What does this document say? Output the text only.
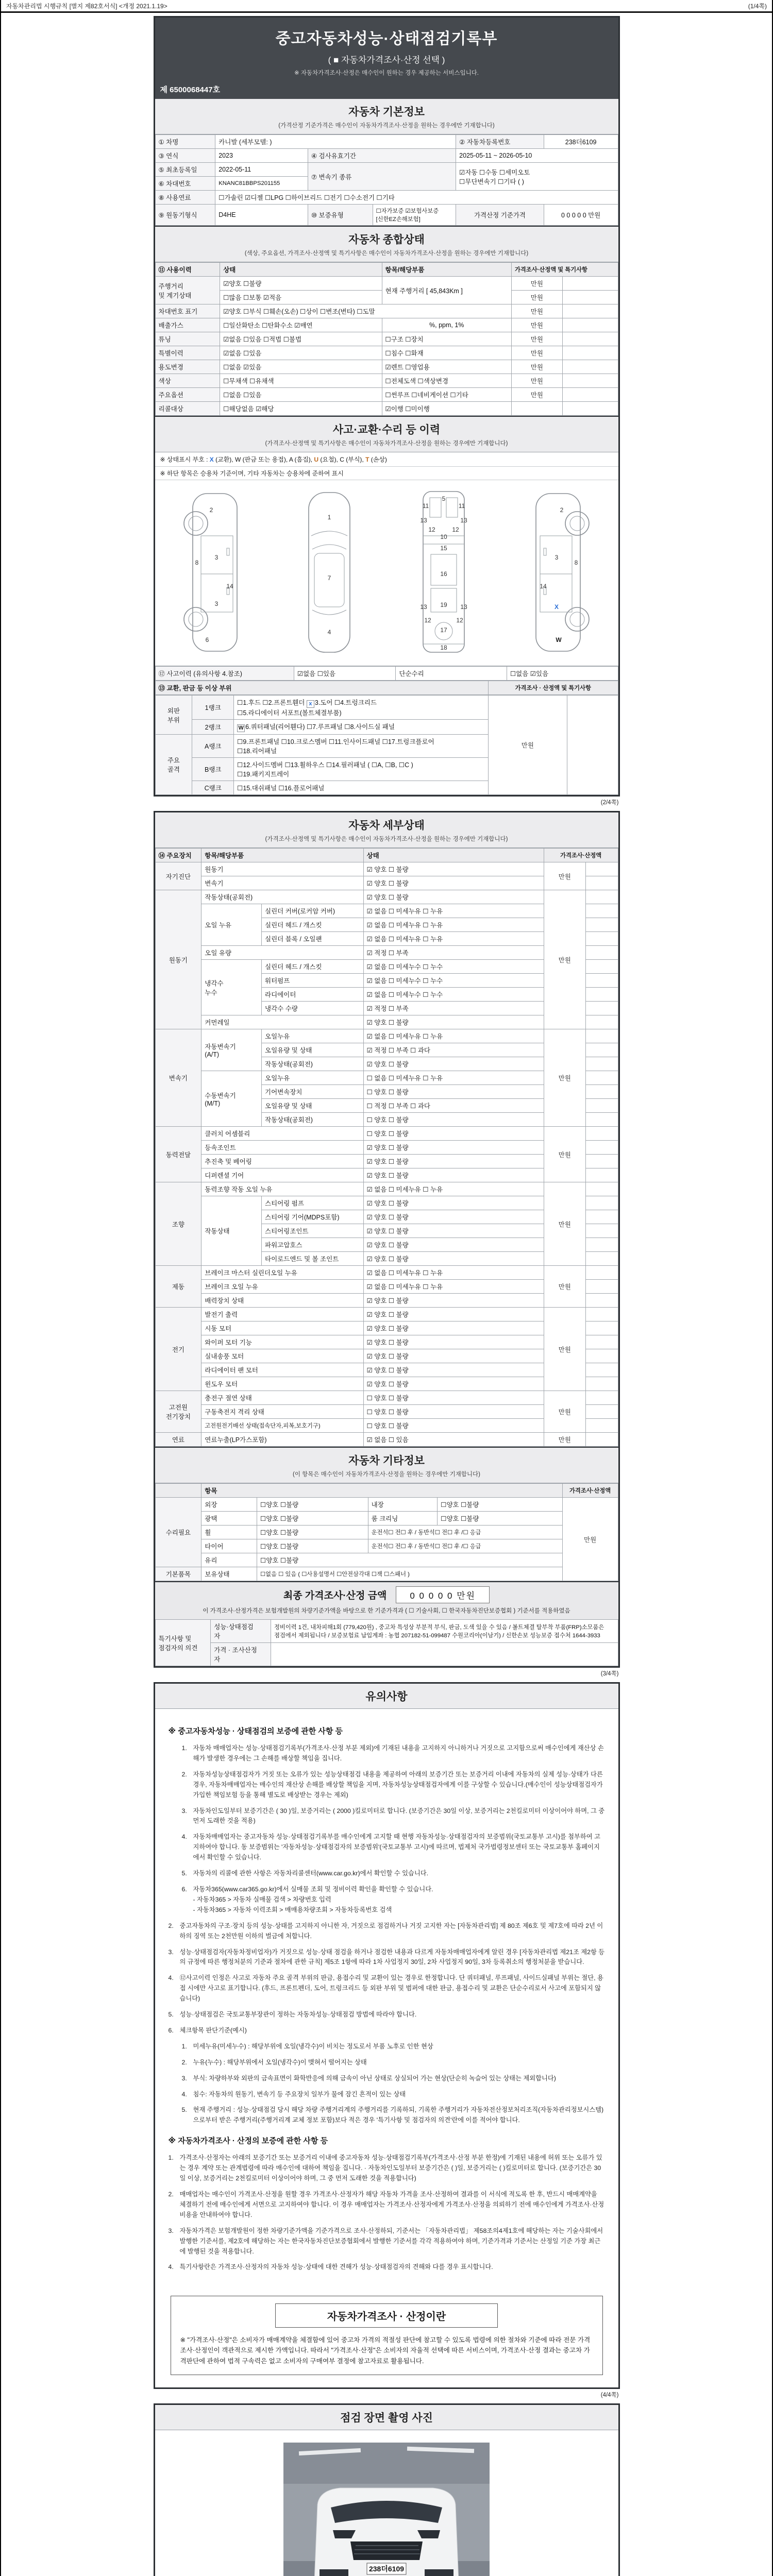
자동차관리법 시행규칙 [별지 제82호서식] <개정 2021.1.19>	(1/4쪽)
중고자동차성능·상태점검기록부
( ■ 자동차가격조사·산정 선택 )
※ 자동차가격조사·산정은 매수인이 원하는 경우 제공하는 서비스입니다.
제 6500068447호
자동차 기본정보
(가격산정 기준가격은 매수인이 자동차가격조사·산정을 원하는 경우에만 기재합니다)
① 차명	카니발 (세부모델: )			② 자동차등록번호	238더6109
③ 연식	2023	④ 검사유효기간		2025-05-11 ~ 2026-05-10	
⑤ 최초등록일	2022-05-11	⑦ 변속기 종류		☑자동 ☐수동 ☐세미오토
☐무단변속기 ☐기타 ( )	
⑥ 차대번호	KNANC81BBPS201155				
⑧ 사용연료	☐가솔린 ☑디젤 ☐LPG ☐하이브리드 ☐전기 ☐수소전기 ☐기타				
⑨ 원동기형식	D4HE	⑩ 보증유형	☐자가보증 ☑보험사보증 [신한EZ손해보험]	가격산정 기준가격	0 0 0 0 0 만원
자동차 종합상태
(색상, 주요옵션, 가격조사·산정액 및 특기사항은 매수인이 자동차가격조사·산정을 원하는 경우에만 기재합니다)
⑪ 사용이력	상태	항목/해당부품	가격조사·산정액 및 특기사항	
주행거리
및 계기상태	☑양호 ☐불량	현재 주행거리 [ 45,843Km ]	만원	
	☐많음 ☐보통 ☑적음		만원	
차대번호 표기	☑양호 ☐부식 ☐훼손(오손) ☐상이 ☐변조(변타) ☐도말		만원	
배출가스	☐일산화탄소 ☐탄화수소 ☑매연	%, ppm, 1%	만원	
튜닝	☑없음 ☐있음 ☐적법 ☐불법	☐구조 ☐장치	만원	
특별이력	☑없음 ☐있음	☐침수 ☐화재	만원	
용도변경	☐없음 ☑있음	☑렌트 ☐영업용	만원	
색상	☐무채색 ☐유채색	☐전체도색 ☐색상변경	만원	
주요옵션	☐없음 ☐있음	☐썬루프 ☐네비게이션 ☐기타	만원	
리콜대상	☐해당없음 ☑해당	☑이행 ☐미이행		
사고·교환·수리 등 이력
(가격조사·산정액 및 특기사항은 매수인이 자동차가격조사·산정을 원하는 경우에만 기재합니다)
※ 상태표시 부호 : X (교환), W (판금 또는 용접), A (흠집), U (요철), C (부식), T (손상)
※ 하단 항목은 승용차 기준이며, 기타 자동차는 승용차에 준하여 표시
2
8
3
14
3
6
1
7
4
5
11	11
13	13
12	12
10
15
16
13 19 13
12	12
17
18
2
3
8
14
X
W
⑫ 사고이력 (유의사항 4.참조)	☑없음 ☐있음	단순수리	☐없음 ☑있음
⑬ 교환, 판금 등 이상 부위	가격조사 · 산정액 및 특기사항
외판
부위	1랭크	☐1.후드 ☐2.프론트휀더 x 3.도어 ☐4.트렁크리드
☐5.라디에이터 서포트(볼트체결부품)	만원	
	2랭크	W 6.쿼터패널(리어휀다) ☐7.루프패널 ☐8.사이드실 패널		
주요
골격	A랭크	☐9.프론트패널 ☐10.크로스멤버 ☐11.인사이드패널 ☐17.트렁크플로어
☐18.리어패널		
	B랭크	☐12.사이드멤버 ☐13.휠하우스 ☐14.필러패널 ( ☐A, ☐B, ☐C )
☐19.패키지트레이		
	C랭크	☐15.대쉬패널 ☐16.플로어패널		
(2/4쪽)
자동차 세부상태
(가격조사·산정액 및 특기사항은 매수인이 자동차가격조사·산정을 원하는 경우에만 기재합니다)
⑭ 주요장치	항목/해당부품		상태	가격조사·산정액	
자기진단	원동기		☑ 양호 ☐ 불량	만원	
	변속기		☑ 양호 ☐ 불량		
원동기	작동상태(공회전)		☑ 양호 ☐ 불량	만원	
	오일 누유	실린더 커버(로커암 커버)	☑ 없음 ☐ 미세누유 ☐ 누유		
		실린더 헤드 / 개스킷	☑ 없음 ☐ 미세누유 ☐ 누유		
		실린더 블록 / 오일팬	☑ 없음 ☐ 미세누유 ☐ 누유		
	오일 유량		☑ 적정 ☐ 부족		
	냉각수
누수	실린더 헤드 / 개스킷	☑ 없음 ☐ 미세누수 ☐ 누수		
		워터펌프	☑ 없음 ☐ 미세누수 ☐ 누수		
		라디에이터	☑ 없음 ☐ 미세누수 ☐ 누수		
		냉각수 수량	☑ 적정 ☐ 부족		
	커먼레일		☑ 양호 ☐ 불량		
변속기	자동변속기
(A/T)	오일누유	☑ 없음 ☐ 미세누유 ☐ 누유	만원	
		오일유량 및 상태	☑ 적정 ☐ 부족 ☐ 과다		
		작동상태(공회전)	☑ 양호 ☐ 불량		
	수동변속기
(M/T)	오일누유	☐ 없음 ☐ 미세누유 ☐ 누유		
		기어변속장치	☐ 양호 ☐ 불량		
		오일유량 및 상태	☐ 적정 ☐ 부족 ☐ 과다		
		작동상태(공회전)	☐ 양호 ☐ 불량		
동력전달	클러치 어셈블리		☐ 양호 ☐ 불량	만원	
	등속조인트		☑ 양호 ☐ 불량		
	추진축 및 베어링		☑ 양호 ☐ 불량		
	디퍼렌셜 기어		☑ 양호 ☐ 불량		
조향	동력조향 작동 오일 누유		☑ 없음 ☐ 미세누유 ☐ 누유	만원	
	작동상태	스티어링 펌프	☑ 양호 ☐ 불량		
		스티어링 기어(MDPS포함)	☑ 양호 ☐ 불량		
		스티어링조인트	☑ 양호 ☐ 불량		
		파워고압호스	☑ 양호 ☐ 불량		
		타이로드엔드 및 볼 조인트	☑ 양호 ☐ 불량		
제동	브레이크 마스터 실린더오일 누유		☑ 없음 ☐ 미세누유 ☐ 누유	만원	
	브레이크 오일 누유		☑ 없음 ☐ 미세누유 ☐ 누유		
	배력장치 상태		☑ 양호 ☐ 불량		
전기	발전기 출력		☑ 양호 ☐ 불량	만원	
	시동 모터		☑ 양호 ☐ 불량		
	와이퍼 모터 기능		☑ 양호 ☐ 불량		
	실내송풍 모터		☑ 양호 ☐ 불량		
	라디에이터 팬 모터		☑ 양호 ☐ 불량		
	윈도우 모터		☑ 양호 ☐ 불량		
고전원
전기장치	충전구 절연 상태		☐ 양호 ☐ 불량	만원	
	구동축전지 격리 상태		☐ 양호 ☐ 불량		
	고전원전기배선 상태(접속단자,피복,보호기구)		☐ 양호 ☐ 불량		
연료	연료누출(LP가스포함)		☑ 없음 ☐ 있음	만원	
자동차 기타정보
(이 항목은 매수인이 자동차가격조사·산정을 원하는 경우에만 기재합니다)
	항목				가격조사·산정액
수리필요	외장	☐양호 ☐불량	내장	☐양호 ☐불량	만원
	광택	☐양호 ☐불량	룸 크리닝	☐양호 ☐불량	
	휠	☐양호 ☐불량	운전석☐ 전☐ 후 / 동반석☐ 전☐ 후 /☐ 응급		
	타이어	☐양호 ☐불량	운전석☐ 전☐ 후 / 동반석☐ 전☐ 후 /☐ 응급		
	유리	☐양호 ☐불량			
기본품목	보유상태	☐없음 ☐ 있음 ( ☐사용설명서 ☐안전삼각대 ☐잭 ☐스패너 )			
최종 가격조사·산정 금액	0 0 0 0 0 만원
이 가격조사·산정가격은 보험개발원의 차량기준가액을 바탕으로 한 기준가격과 ( ☐ 기술사회, ☐ 한국자동차진단보증협회 ) 기준서를 적용하였음
특기사항 및
점검자의 의견	성능·상태점검
자	정비이력 1건, 내차피해1회 (779,420원) , 중고차 특성상 부분적 부식, 판금, 도색 있을 수 있음 / 볼트체결 탈부착 부품(FRP)소모품은 점검에서 제외됩니다 / 보증보험료 납입계좌 : 농협 207182-51-099487 수원코리아(이남기) / 신한손보 성능보증 접수처 1644-3933
	가격 · 조사산정
자	
(3/4쪽)
유의사항
※ 중고자동차성능 · 상태점검의 보증에 관한 사항 등
1. 자동차 매매업자는 성능·상태점검기록부(가격조사·산정 부분 제외)에 기재된 내용을 고지하지 아니하거나 거짓으로 고지함으로써 매수인에게 재산상 손해가 발생한 경우에는 그 손해를 배상할 책임을 집니다.
2. 자동차성능상태점검자가 거짓 또는 오류가 있는 성능상태점검 내용을 제공하여 아래의 보증기간 또는 보증거리 이내에 자동차의 실제 성능·상태가 다른 경우, 자동차매매업자는 매수인의 재산상 손해를 배상할 책임을 지며, 자동차성능상태점검자에게 이를 구상할 수 있습니다.(매수인이 성능상태점검자가 가입한 책임보험 등을 통해 별도로 배상받는 경우는 제외)
3. 자동차인도일부터 보증기간은 ( 30 )일, 보증거리는 ( 2000 )킬로미터로 합니다. (보증기간은 30일 이상, 보증거리는 2천킬로미터 이상이어야 하며, 그 중 먼저 도래한 것을 적용)
4. 자동차매매업자는 중고자동차 성능·상태점검기록부를 매수인에게 고지할 때 현행 자동차성능·상태점검자의 보증범위(국토교통부 고시)를 첨부하여 고지하여야 합니다. 동 보증범위는 '자동차성능·상태점검자의 보증범위'(국토교통부 고시)에 따르며, 법제처 국가법령정보센터 또는 국토교통부 홈페이지에서 확인할 수 있습니다.
5. 자동차의 리콜에 관한 사항은 자동차리콜센터(www.car.go.kr)에서 확인할 수 있습니다.
6. 자동차365(www.car365.go.kr)에서 실매물 조회 및 정비이력 확인을 확인할 수 있습니다.
- 자동차365 > 자동차 실매물 검색 > 차량번호 입력
- 자동차365 > 자동차 이력조회 > 매매용차량조회 > 자동차등록번호 검색
2. 중고자동차의 구조·장치 등의 성능·상태를 고지하지 아니한 자, 거짓으로 점검하거나 거짓 고지한 자는 [자동차관리법] 제 80조 제6호 및 제7호에 따라 2년 이하의 징역 또는 2천만원 이하의 벌금에 처합니다.
3. 성능·상태점검자(자동차정비업자)가 거짓으로 성능·상태 점검을 하거나 점검한 내용과 다르게 자동차매매업자에게 알린 경우 [자동차관리법 제21조 제2항 등의 규정에 따른 행정처분의 기준과 절차에 관한 규칙] 제5조 1항에 따라 1차 사업정지 30일, 2차 사업정지 90일, 3차 등록취소의 행정처분을 받습니다.
4. ⑫사고이력 인정은 사고로 자동차 주요 골격 부위의 판금, 용접수리 및 교환이 있는 경우로 한정합니다. 단 쿼터패널, 루프패널, 사이드실패널 부위는 절단, 용접 시에만 사고로 표기합니다. (후드, 프론트펜더, 도어, 트렁크리드 등 외판 부위 및 범퍼에 대한 판금, 용접수리 및 교환은 단순수리로서 사고에 포함되지 않습니다)
5. 성능·상태점검은 국토교통부장관이 정하는 자동차성능·상태점검 방법에 따라야 합니다.
6. 체크항목 판단기준(예시)
1. 미세누유(미세누수) : 해당부위에 오일(냉각수)이 비치는 정도로서 부품 노후로 인한 현상
2. 누유(누수) : 해당부위에서 오일(냉각수)이 맺혀서 떨어지는 상태
3. 부식: 차량하부와 외판의 금속표면이 화학반응에 의해 금속이 아닌 상태로 상실되어 가는 현상(단순히 녹슬어 있는 상태는 제외합니다)
4. 침수: 자동차의 원동기, 변속기 등 주요장치 일부가 물에 잠긴 흔적이 있는 상태
5. 현재 주행거리 : 성능·상태점검 당시 해당 차량 주행거리계의 주행거리를 기록하되, 기록한 주행거리가 자동차전산정보처리조직(자동차관리정보시스템)으로부터 받은 주행거리(주행거리계 교체 정보 포함)보다 적은 경우 '특기사항 및 점검자의 의견'란에 이를 적어야 합니다.
※ 자동차가격조사 · 산정의 보증에 관한 사항 등
1. 가격조사·산정자는 아래의 보증기간 또는 보증거리 이내에 중고자동차 성능·상태점검기록부(가격조사·산정 부분 한정)에 기재된 내용에 허위 또는 오류가 있는 경우 계약 또는 관계법령에 따라 매수인에 대하여 책임을 집니다. · 자동차인도일부터 보증기간은 ( )일, 보증거리는 ( )킬로미터로 합니다. (보증기간은 30일 이상, 보증거리는 2천킬로미터 이상이어야 하며, 그 중 먼저 도래한 것을 적용합니다)
2. 매매업자는 매수인이 가격조사·산정을 원할 경우 가격조사·산정자가 해당 자동차 가격을 조사·산정하여 결과를 이 서식에 적도록 한 후, 반드시 매매계약을 체결하기 전에 매수인에게 서면으로 고지하여야 합니다. 이 경우 매매업자는 가격조사·산정자에게 가격조사·산정을 의뢰하기 전에 매수인에게 가격조사·산정 비용을 안내하여야 합니다.
3. 자동차가격은 보험개발원이 정한 차량기준가액을 기준가격으로 조사·산정하되, 기준서는 「자동차관리법」 제58조의4제1호에 해당하는 자는 기술사회에서 발행한 기준서를, 제2호에 해당하는 자는 한국자동차진단보증협회에서 발행한 기준서를 각각 적용하여야 하며, 기준가격과 기준서는 산정일 기준 가장 최근에 발행된 것을 적용합니다.
4. 특기사항란은 가격조사·산정자의 자동차 성능·상태에 대한 견해가 성능·상태점검자의 견해와 다를 경우 표시합니다.
자동차가격조사 · 산정이란
※ "가격조사·산정"은 소비자가 매매계약을 체결함에 있어 중고차 가격의 적절성 판단에 참고할 수 있도록 법령에 의한 절차와 기준에 따라 전문 가격조사·산정인이 객관적으로 제시한 가액입니다. 따라서 "가격조사·산정"은 소비자의 자율적 선택에 따른 서비스이며, 가격조사·산정 결과는 중고차 가격판단에 관하여 법적 구속력은 없고 소비자의 구매여부 결정에 참고자료로 활용됩니다.
(4/4쪽)
점검 장면 촬영 사진
238더6109
